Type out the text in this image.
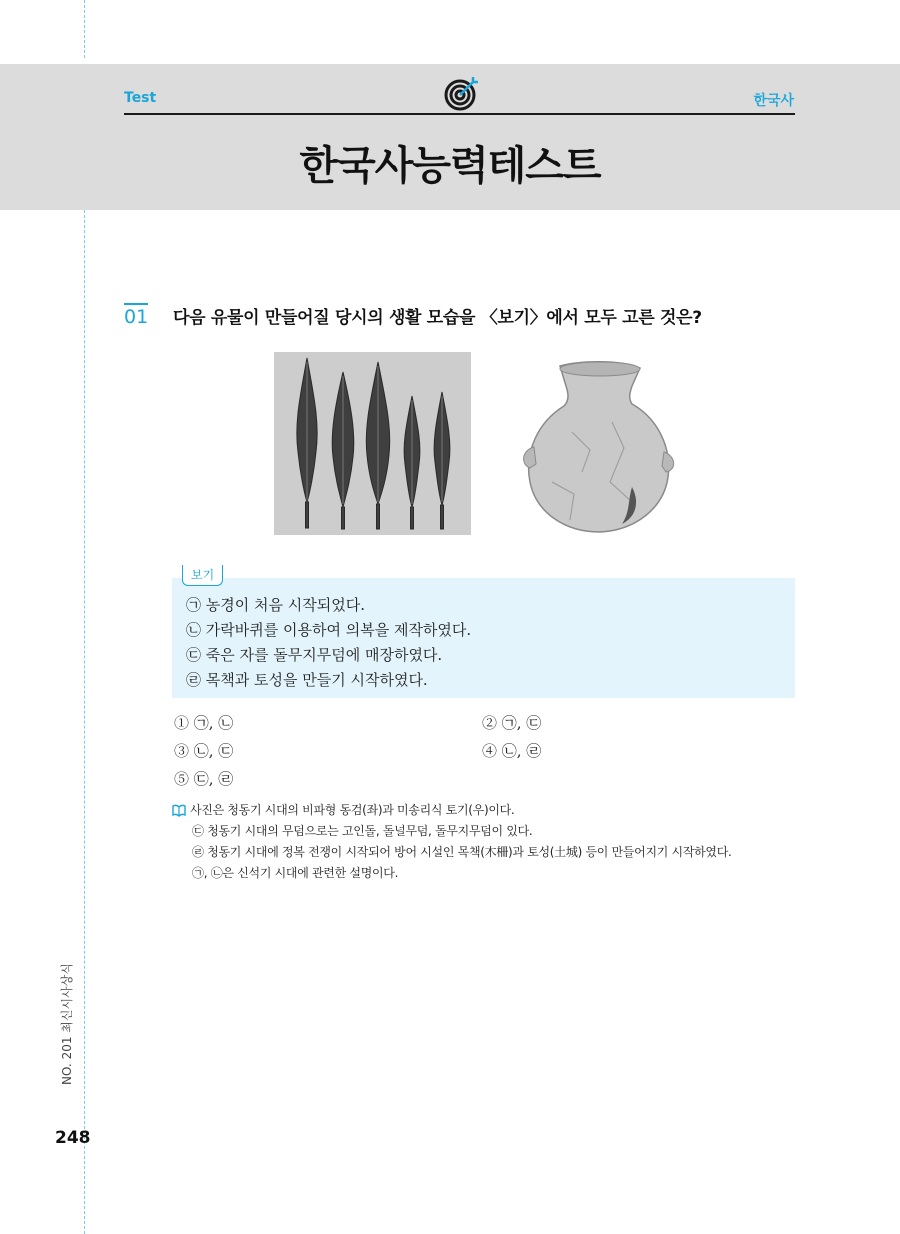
Test	한국사
한국사능력테스트
01 다음 유물이 만들어질 당시의 생활 모습을 〈보기〉에서 모두 고른 것은?
보기
㉠ 농경이 처음 시작되었다.
㉡ 가락바퀴를 이용하여 의복을 제작하였다.
㉢ 죽은 자를 돌무지무덤에 매장하였다.
㉣ 목책과 토성을 만들기 시작하였다.
① ㉠, ㉡	② ㉠, ㉢
③ ㉡, ㉢	④ ㉡, ㉣
⑤ ㉢, ㉣
사진은 청동기 시대의 비파형 동검(좌)과 미송리식 토기(우)이다.
㉢ 청동기 시대의 무덤으로는 고인돌, 돌널무덤, 돌무지무덤이 있다.
㉣ 청동기 시대에 정복 전쟁이 시작되어 방어 시설인 목책(木柵)과 토성(土城) 등이 만들어지기 시작하였다.
㉠, ㉡은 신석기 시대에 관련한 설명이다.
NO. 201 최신시사상식
248
